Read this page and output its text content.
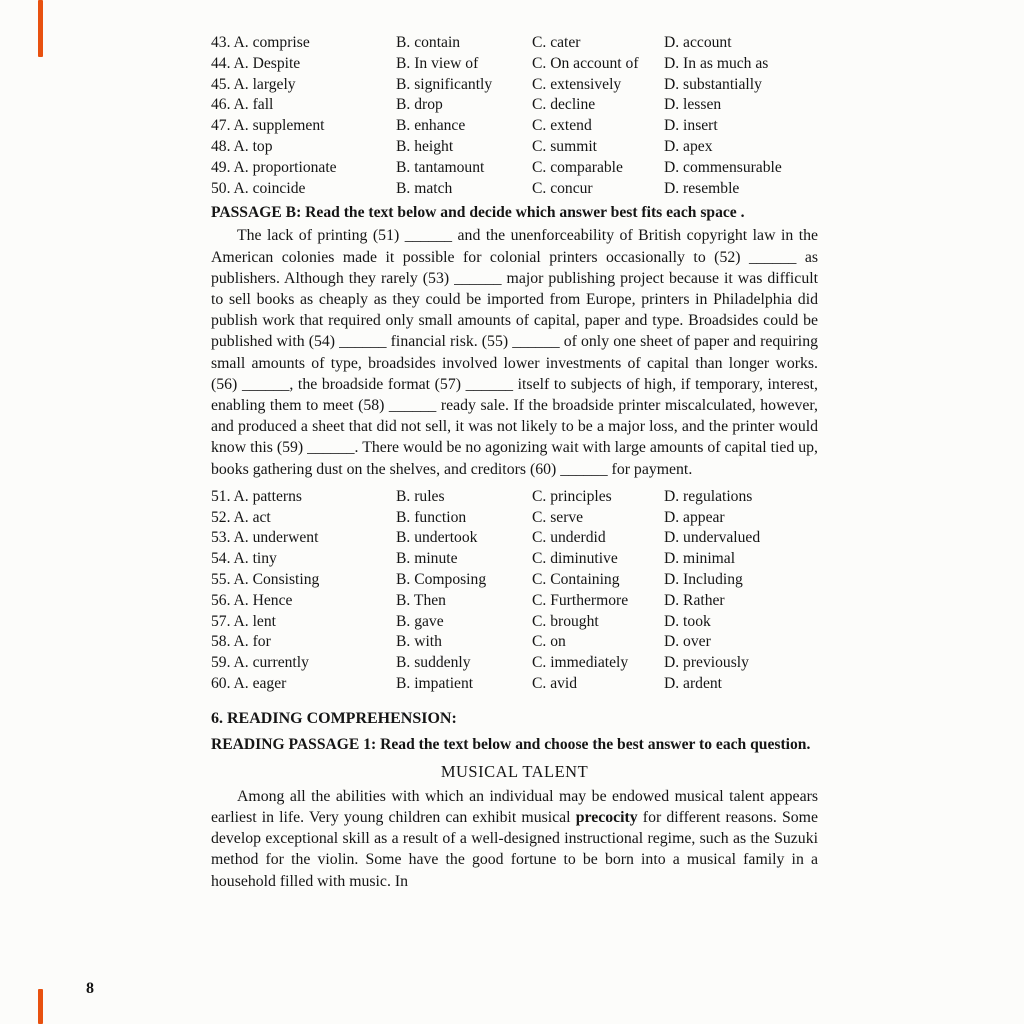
43. A. comprise	B. contain	C. cater	D. account
44. A. Despite	B. In view of	C. On account of	D. In as much as
45. A. largely	B. significantly	C. extensively	D. substantially
46. A. fall	B. drop	C. decline	D. lessen
47. A. supplement	B. enhance	C. extend	D. insert
48. A. top	B. height	C. summit	D. apex
49. A. proportionate	B. tantamount	C. comparable	D. commensurable
50. A. coincide	B. match	C. concur	D. resemble
PASSAGE B: Read the text below and decide which answer best fits each space .

The lack of printing (51) ______ and the unenforceability of British copyright law in the American colonies made it possible for colonial printers occasionally to (52) ______ as publishers. Although they rarely (53) ______ major publishing project because it was difficult to sell books as cheaply as they could be imported from Europe, printers in Philadelphia did publish work that required only small amounts of capital, paper and type. Broadsides could be published with (54) ______ financial risk. (55) ______ of only one sheet of paper and requiring small amounts of type, broadsides involved lower investments of capital than longer works. (56) ______, the broadside format (57) ______ itself to subjects of high, if temporary, interest, enabling them to meet (58) ______ ready sale. If the broadside printer miscalculated, however, and produced a sheet that did not sell, it was not likely to be a major loss, and the printer would know this (59) ______. There would be no agonizing wait with large amounts of capital tied up, books gathering dust on the shelves, and creditors (60) ______ for payment.

51. A. patterns	B. rules	C. principles	D. regulations
52. A. act	B. function	C. serve	D. appear
53. A. underwent	B. undertook	C. underdid	D. undervalued
54. A. tiny	B. minute	C. diminutive	D. minimal
55. A. Consisting	B. Composing	C. Containing	D. Including
56. A. Hence	B. Then	C. Furthermore	D. Rather
57. A. lent	B. gave	C. brought	D. took
58. A. for	B. with	C. on	D. over
59. A. currently	B. suddenly	C. immediately	D. previously
60. A. eager	B. impatient	C. avid	D. ardent
6. READING COMPREHENSION:
READING PASSAGE 1: Read the text below and choose the best answer to each question.
MUSICAL TALENT

Among all the abilities with which an individual may be endowed musical talent appears earliest in life. Very young children can exhibit musical precocity for different reasons. Some develop exceptional skill as a result of a well-designed instructional regime, such as the Suzuki method for the violin. Some have the good fortune to be born into a musical family in a household filled with music. In

8
